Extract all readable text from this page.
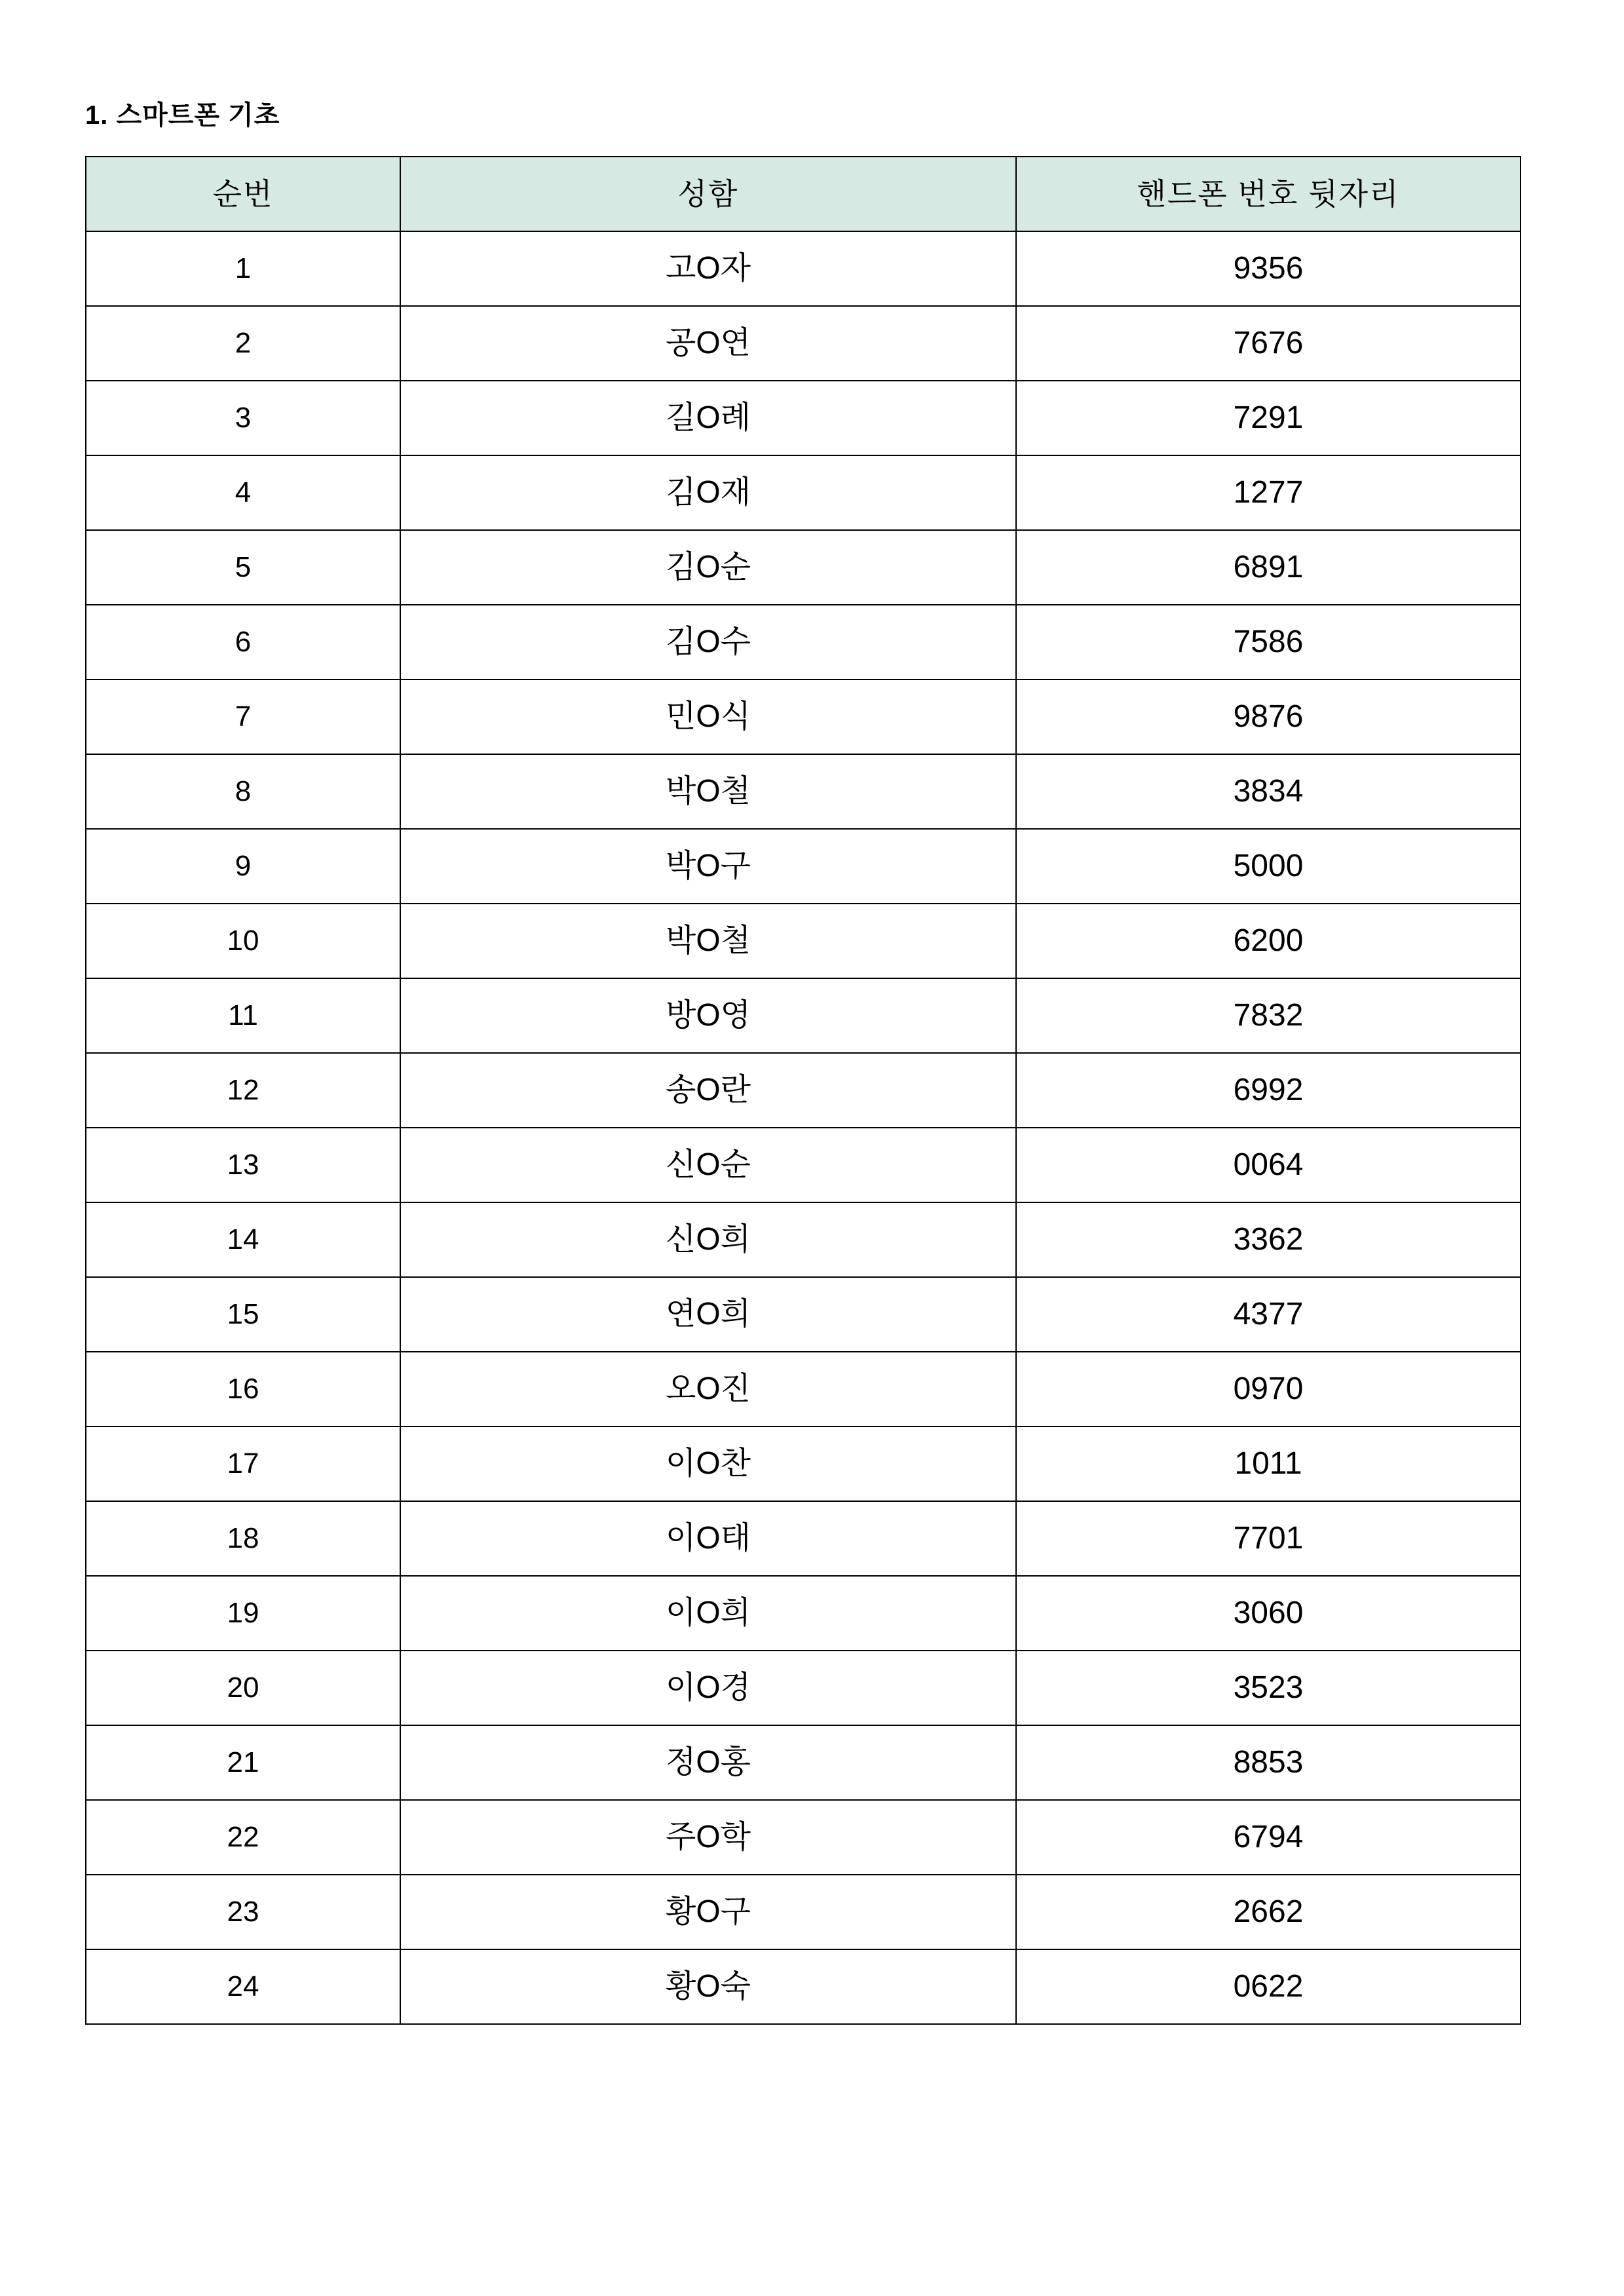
1. 스마트폰 기초
순번	성함	핸드폰 번호 뒷자리
1	고O자	9356
2	공O연	7676
3	길O례	7291
4	김O재	1277
5	김O순	6891
6	김O수	7586
7	민O식	9876
8	박O철	3834
9	박O구	5000
10	박O철	6200
11	방O영	7832
12	송O란	6992
13	신O순	0064
14	신O희	3362
15	연O희	4377
16	오O진	0970
17	이O찬	1011
18	이O태	7701
19	이O희	3060
20	이O경	3523
21	정O홍	8853
22	주O학	6794
23	황O구	2662
24	황O숙	0622
